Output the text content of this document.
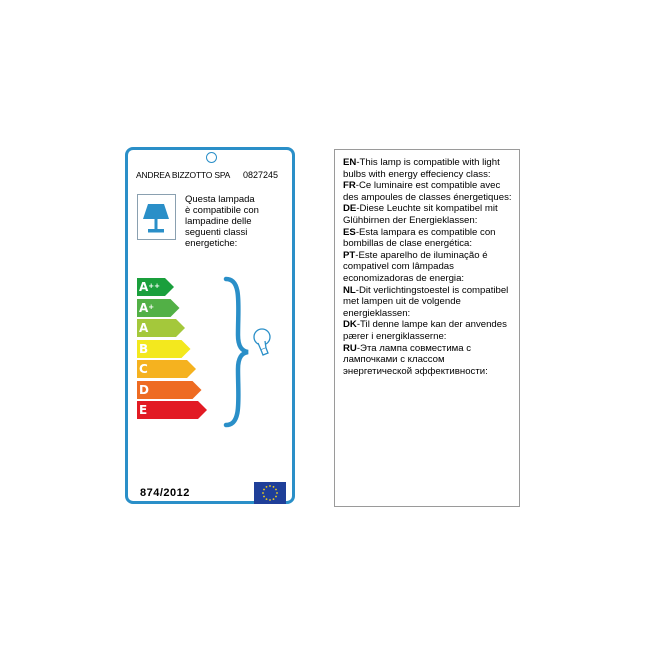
ANDREA BIZZOTTO SPA 0827245
Questa lampada
è compatibile con
lampadine delle
seguenti classi
energetiche:
A++
A+
A
B
C
D
E
874/2012

EN-This lamp is compatible with light bulbs with energy effeciency class:

FR-Ce luminaire est compatible avec des ampoules de classes énergetiques:

DE-Diese Leuchte sit kompatibel mit Glühbirnen der Energieklassen:

ES-Esta lampara es compatible con bombillas de clase energética:

PT-Este aparelho de iluminação é compativel com lâmpadas economizadoras de energia:

NL-Dit verlichtingstoestel is compatibel met lampen uit de volgende energieklassen:

DK-Til denne lampe kan der anvendes pærer i energiklasserne:

RU-Эта лампа совместима с лампочками с классом энергетической эффективности:
